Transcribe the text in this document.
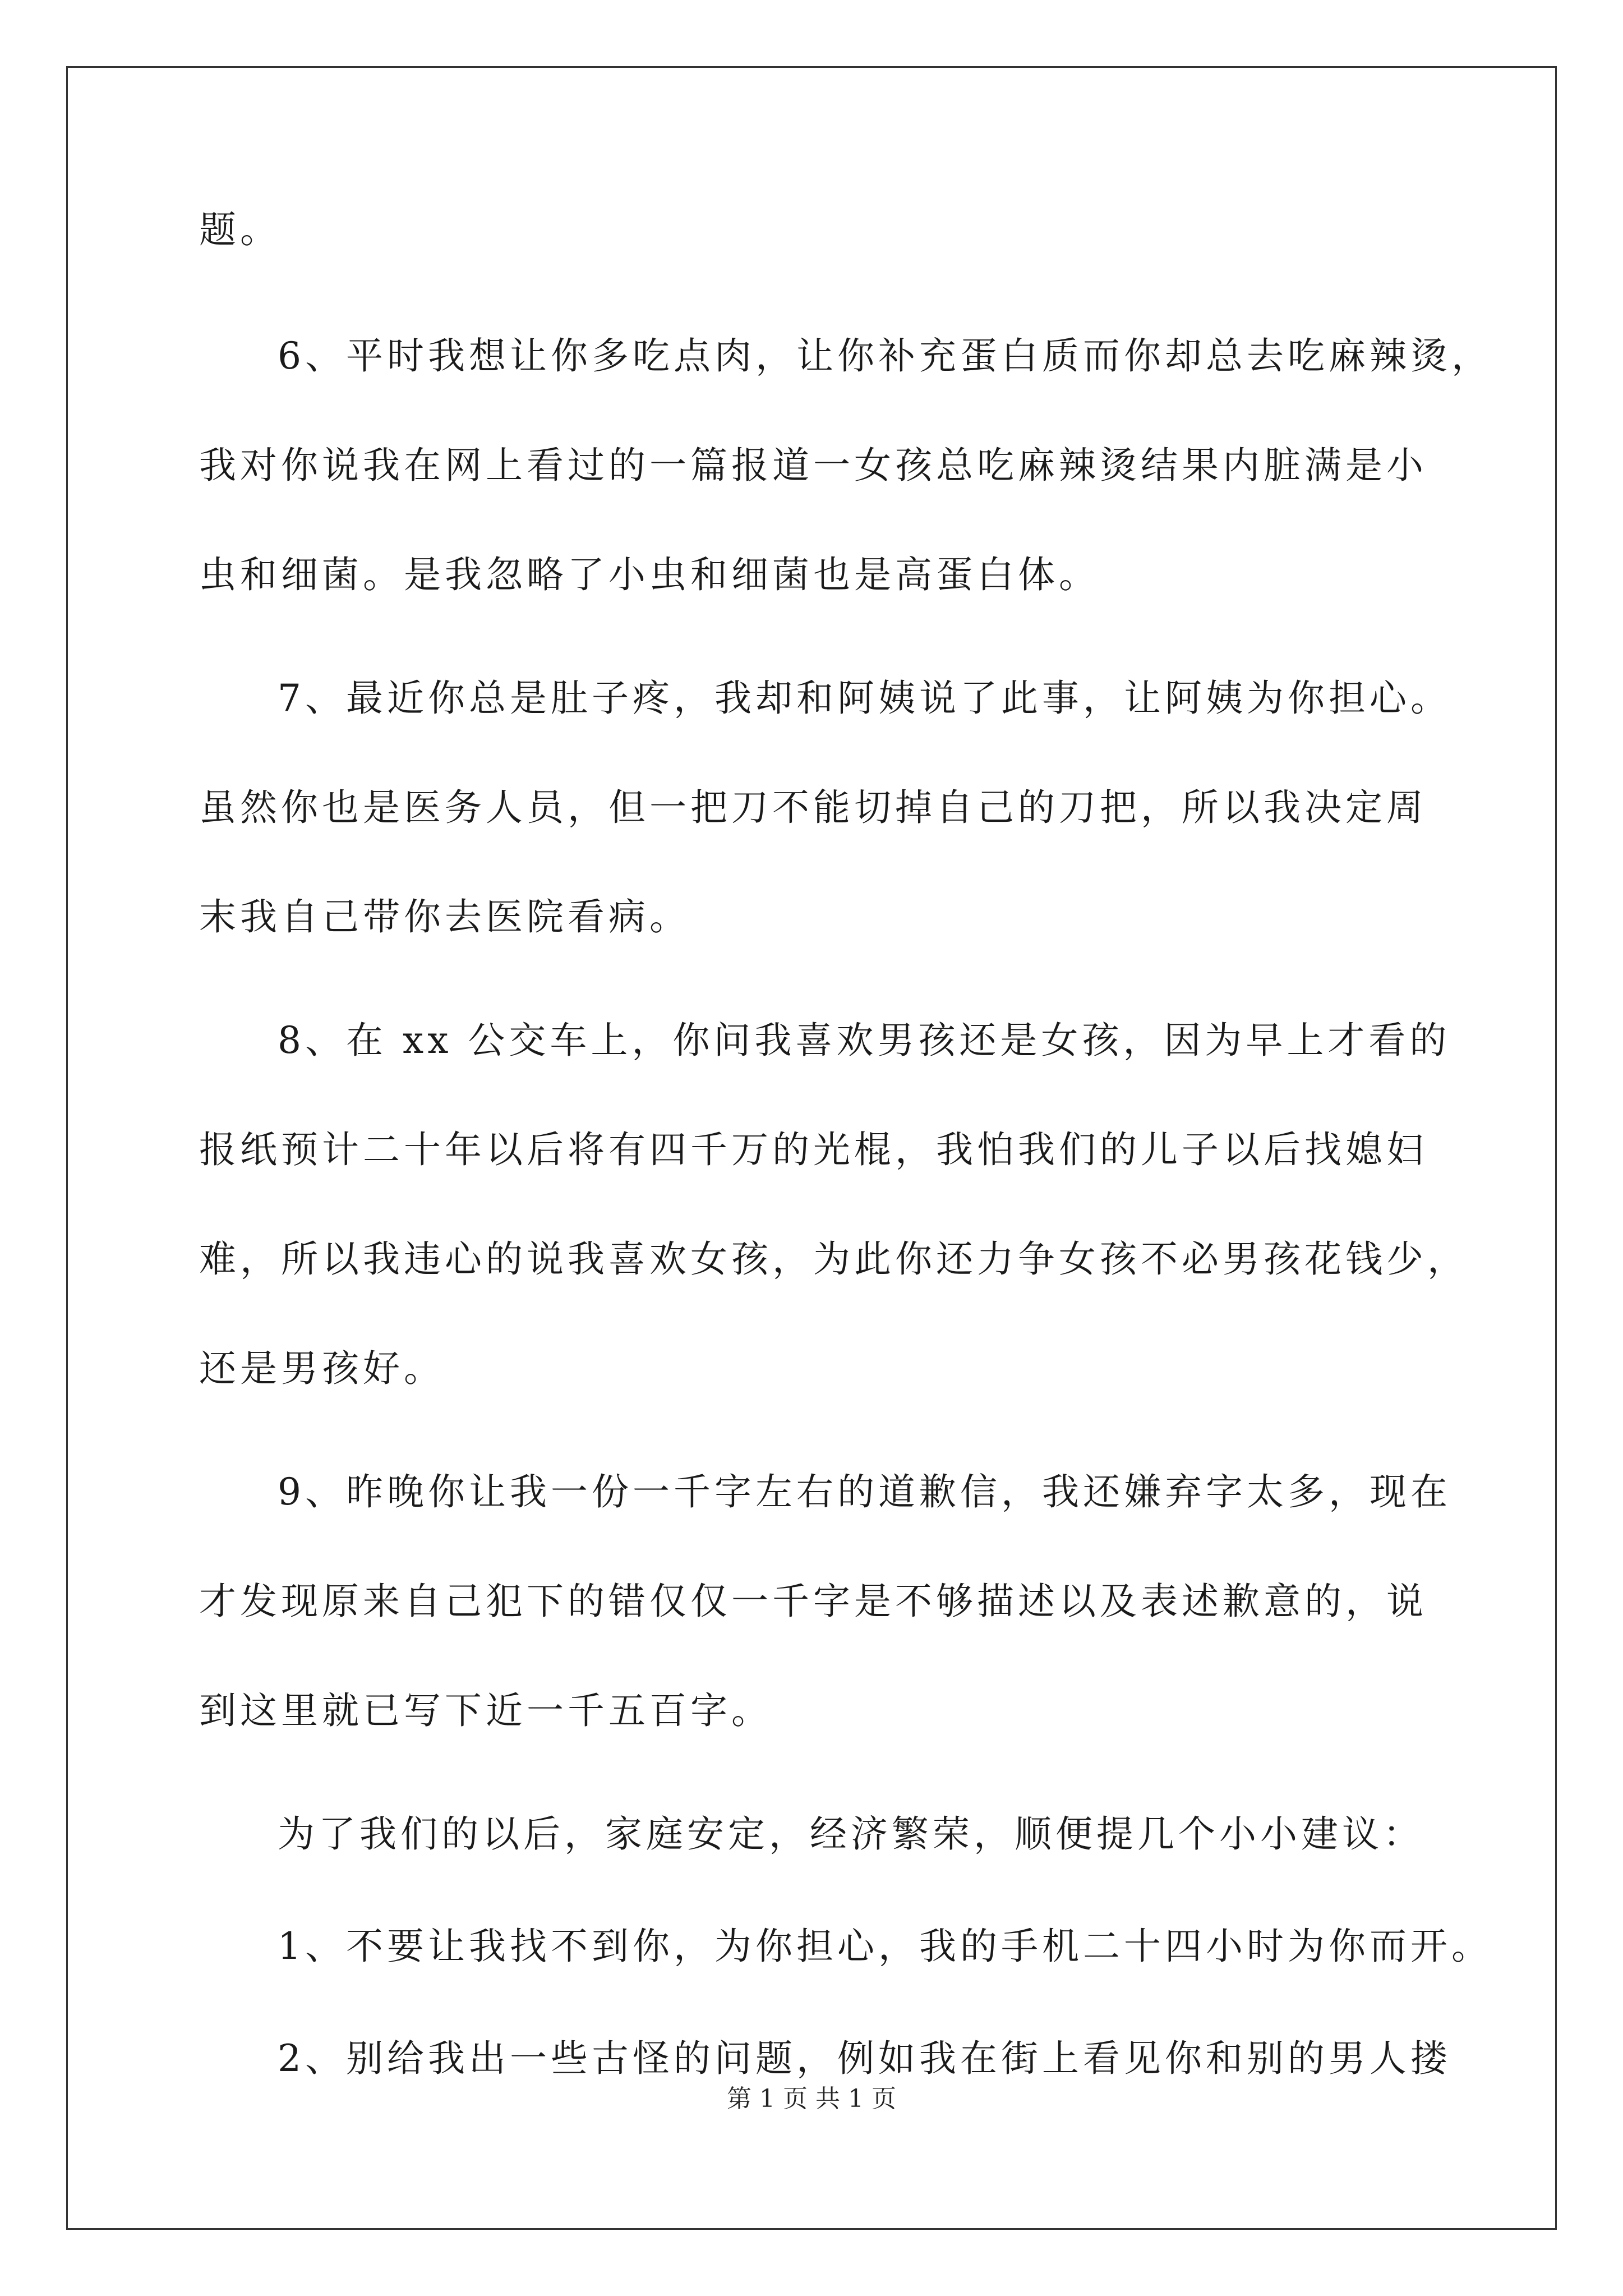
题。
6、平时我想让你多吃点肉，让你补充蛋白质而你却总去吃麻辣烫，
我对你说我在网上看过的一篇报道一女孩总吃麻辣烫结果内脏满是小
虫和细菌。是我忽略了小虫和细菌也是高蛋白体。
7、最近你总是肚子疼，我却和阿姨说了此事，让阿姨为你担心。
虽然你也是医务人员，但一把刀不能切掉自己的刀把，所以我决定周
末我自己带你去医院看病。
8、在 xx 公交车上，你问我喜欢男孩还是女孩，因为早上才看的
报纸预计二十年以后将有四千万的光棍，我怕我们的儿子以后找媳妇
难，所以我违心的说我喜欢女孩，为此你还力争女孩不必男孩花钱少，
还是男孩好。
9、昨晚你让我一份一千字左右的道歉信，我还嫌弃字太多，现在
才发现原来自己犯下的错仅仅一千字是不够描述以及表述歉意的，说
到这里就已写下近一千五百字。
为了我们的以后，家庭安定，经济繁荣，顺便提几个小小建议：
1、不要让我找不到你，为你担心，我的手机二十四小时为你而开。
2、别给我出一些古怪的问题，例如我在街上看见你和别的男人搂
第 1 页 共 1 页
